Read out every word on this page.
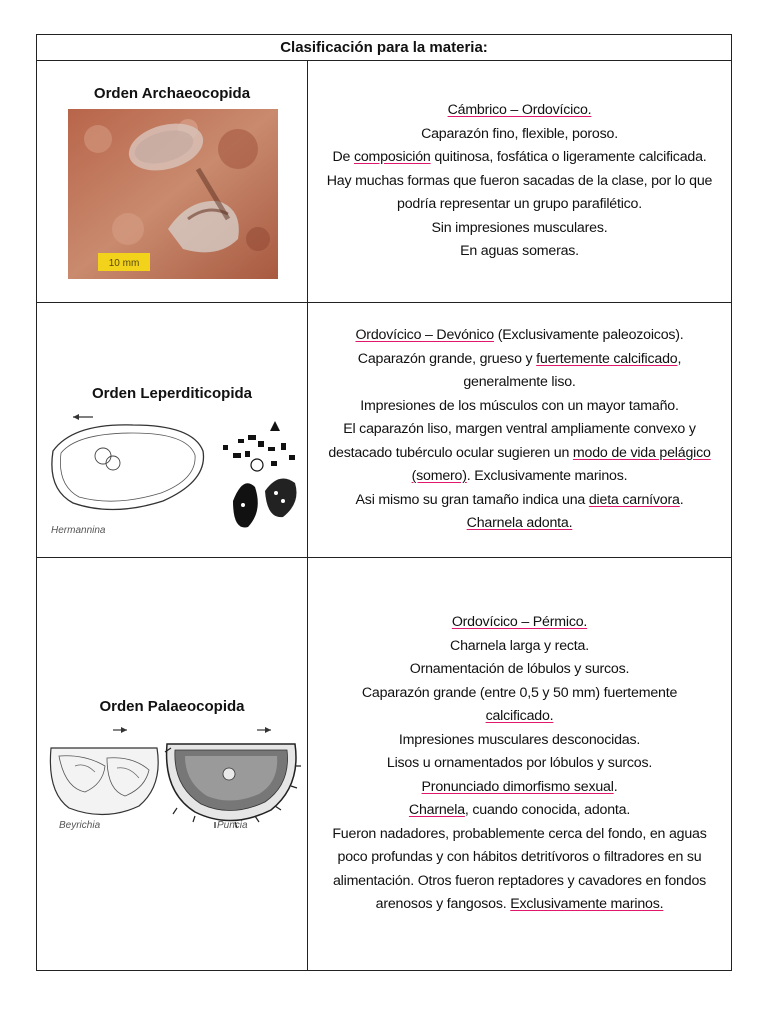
Clasificación para la materia:
Orden Archaeocopida
10 mm
Cámbrico – Ordovícico.
Caparazón fino, flexible, poroso.
De composición quitinosa, fosfática o ligeramente calcificada.
Hay muchas formas que fueron sacadas de la clase, por lo que
podría representar un grupo parafilético.
Sin impresiones musculares.
En aguas someras.
Orden Leperditicopida
Hermannina
Ordovícico – Devónico (Exclusivamente paleozoicos).
Caparazón grande, grueso y fuertemente calcificado,
generalmente liso.
Impresiones de los músculos con un mayor tamaño.
El caparazón liso, margen ventral ampliamente convexo y
destacado tubérculo ocular sugieren un modo de vida pelágico
(somero). Exclusivamente marinos.
Asi mismo su gran tamaño indica una dieta carnívora.
Charnela adonta.
Orden Palaeocopida
Beyrichia	Puncia
Ordovícico – Pérmico.
Charnela larga y recta.
Ornamentación de lóbulos y surcos.
Caparazón grande (entre 0,5 y 50 mm) fuertemente
calcificado.
Impresiones musculares desconocidas.
Lisos u ornamentados por lóbulos y surcos.
Pronunciado dimorfismo sexual.
Charnela, cuando conocida, adonta.
Fueron nadadores, probablemente cerca del fondo, en aguas
poco profundas y con hábitos detritívoros o filtradores en su
alimentación. Otros fueron reptadores y cavadores en fondos
arenosos y fangosos. Exclusivamente marinos.
